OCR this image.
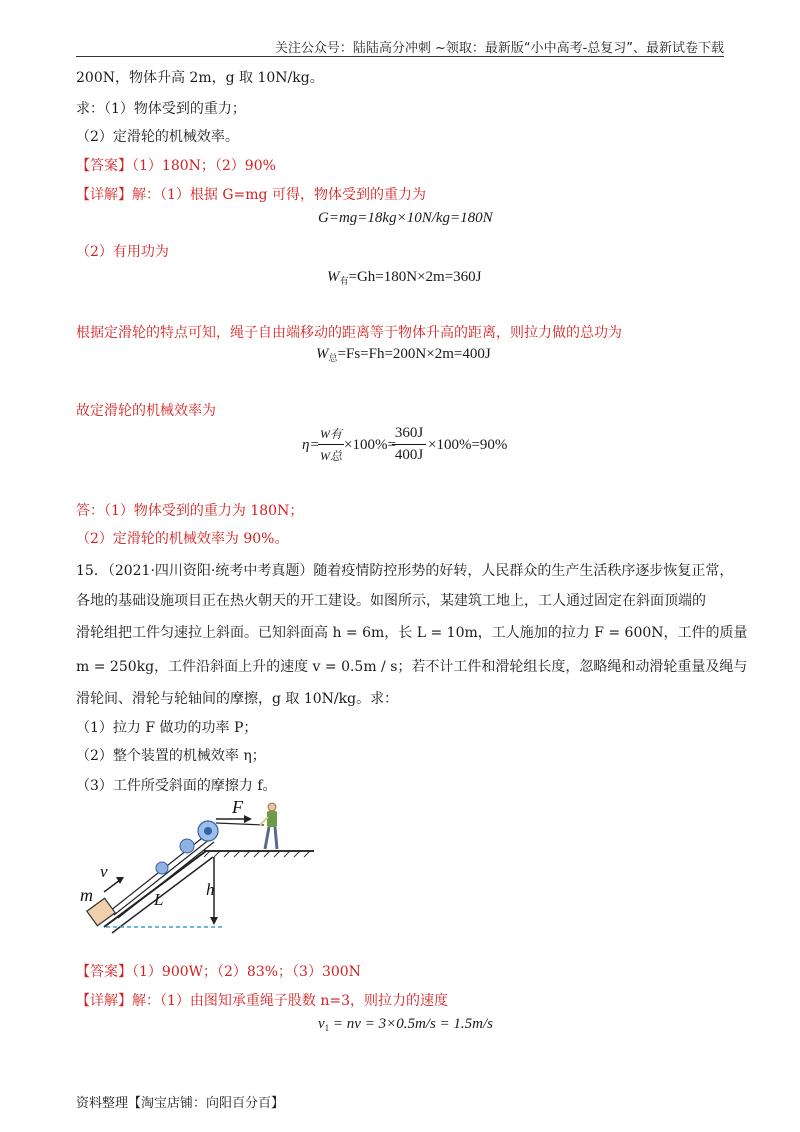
关注公众号：陆陆高分冲刺 ~领取：最新版“小中高考-总复习”、最新试卷下载
200N，物体升高 2m，g 取 10N/kg。
求：（1）物体受到的重力；
（2）定滑轮的机械效率。
【答案】（1）180N；（2）90%
【详解】解：（1）根据 G=mg 可得，物体受到的重力为
G=mg=18kg×10N/kg=180N
（2）有用功为
$W_有=Gh=180N\times 2m=360J$
根据定滑轮的特点可知，绳子自由端移动的距离等于物体升高的距离，则拉力做的总功为
$W_总=Fs=Fh=200N\times 2m=400J$
故定滑轮的机械效率为
η=
W有
W总
×100%=
360J
400J
×100%=90%
答：（1）物体受到的重力为 180N；
（2）定滑轮的机械效率为 90%。
15．（2021·四川资阳·统考中考真题）随着疫情防控形势的好转，人民群众的生产生活秩序逐步恢复正常，
各地的基础设施项目正在热火朝天的开工建设。如图所示，某建筑工地上，工人通过固定在斜面顶端的
滑轮组把工件匀速拉上斜面。已知斜面高 h = 6m，长 L = 10m，工人施加的拉力 F = 600N，工件的质量
m = 250kg，工件沿斜面上升的速度 v = 0.5m / s；若不计工件和滑轮组长度，忽略绳和动滑轮重量及绳与
滑轮间、滑轮与轮轴间的摩擦，g 取 10N/kg。求：
（1）拉力 F 做功的功率 P；
（2）整个装置的机械效率 η；
（3）工件所受斜面的摩擦力 f。
F
v
m	L
h
【答案】（1）900W；（2）83%；（3）300N
【详解】解：（1）由图知承重绳子股数 n=3，则拉力的速度
$v_1$ = nv = 3×0.5m/s = 1.5m/s
资料整理【淘宝店铺：向阳百分百】
